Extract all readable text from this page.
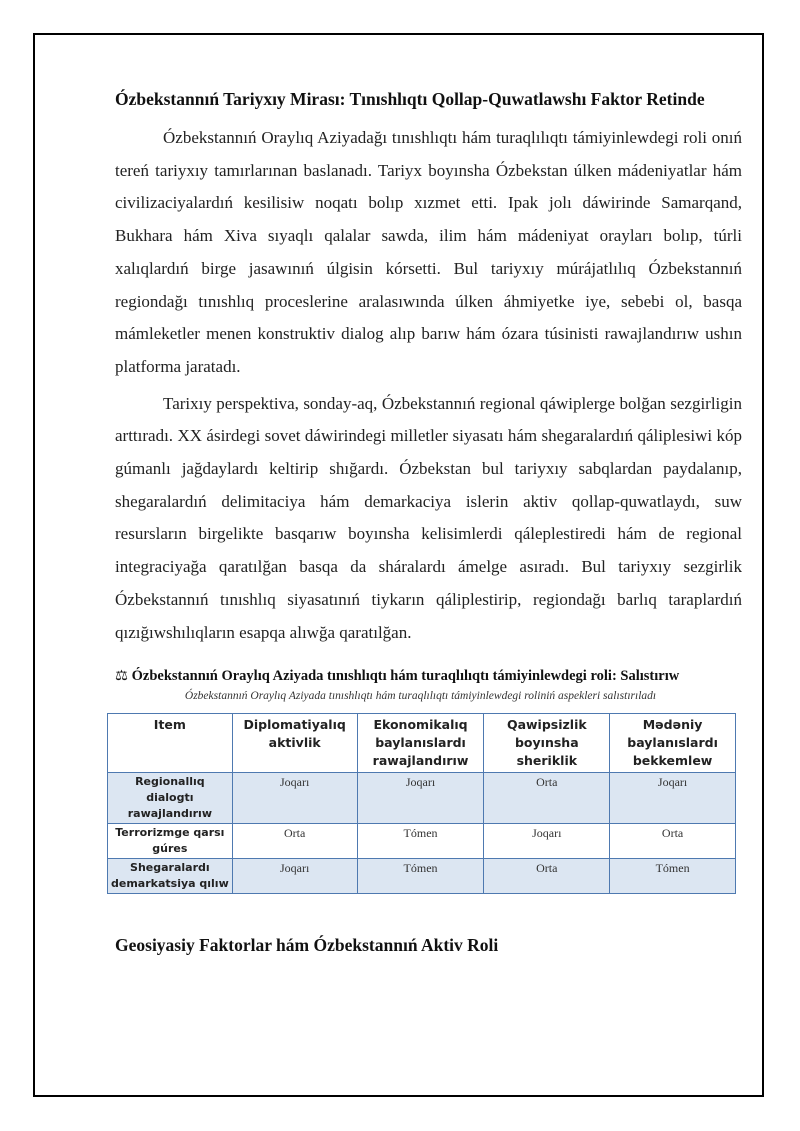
Ózbekstannıń Tariyxıy Mirası: Tınıshlıqtı Qollap-Quwatlawshı Faktor Retinde

Ózbekstannıń Oraylıq Aziyadağı tınıshlıqtı hám turaqlılıqtı támiyinlewdegi roli onıń tereń tariyxıy tamırlarınan baslanadı. Tariyx boyınsha Ózbekstan úlken mádeniyatlar hám civilizaciyalardıń kesilisiw noqatı bolıp xızmet etti. Ipak jolı dáwirinde Samarqand, Bukhara hám Xiva sıyaqlı qalalar sawda, ilim hám mádeniyat orayları bolıp, túrli xalıqlardıń birge jasawınıń úlgisin kórsetti. Bul tariyxıy múrájatlılıq Ózbekstannıń regiondağı tınıshlıq proceslerine aralasıwında úlken áhmiyetke iye, sebebi ol, basqa mámleketler menen konstruktiv dialog alıp barıw hám ózara túsinisti rawajlandırıw ushın platforma jaratadı.

Tarixıy perspektiva, sonday-aq, Ózbekstannıń regional qáwiplerge bolğan sezgirligin arttıradı. XX ásirdegi sovet dáwirindegi milletler siyasatı hám shegaralardıń qáliplesiwi kóp gúmanlı jağdaylardı keltirip shığardı. Ózbekstan bul tariyxıy sabqlardan paydalanıp, shegaralardıń delimitaciya hám demarkaciya islerin aktiv qollap-quwatlaydı, suw resursların birgelikte basqarıw boyınsha kelisimlerdi qáleplestiredi hám de regional integraciyağa qaratılğan basqa da sháralardı ámelge asıradı. Bul tariyxıy sezgirlik Ózbekstannıń tınıshlıq siyasatınıń tiykarın qáliplestirip, regiondağı barlıq taraplardıń qızığıwshılıqların esapqa alıwğa qaratılğan.

⚖ Ózbekstannıń Oraylıq Aziyada tınıshlıqtı hám turaqlılıqtı támiyinlewdegi roli: Salıstırıw
Ózbekstannıń Oraylıq Aziyada tınıshlıqtı hám turaqlılıqtı támiyinlewdegi roliniń aspekleri salıstırıladı
Item	Diplomatiyalıq aktivlik	Ekonomikalıq baylanıslardı rawajlandırıw	Qawipsizlik boyınsha sheriklik	Mədəniy baylanıslardı bekkemlew
Regionallıq dialogtı rawajlandırıw	Joqarı	Joqarı	Orta	Joqarı
Terrorizmge qarsı gúres	Orta	Tómen	Joqarı	Orta
Shegaralardı demarkatsiya qılıw	Joqarı	Tómen	Orta	Tómen
Geosiyasiy Faktorlar hám Ózbekstannıń Aktiv Roli
